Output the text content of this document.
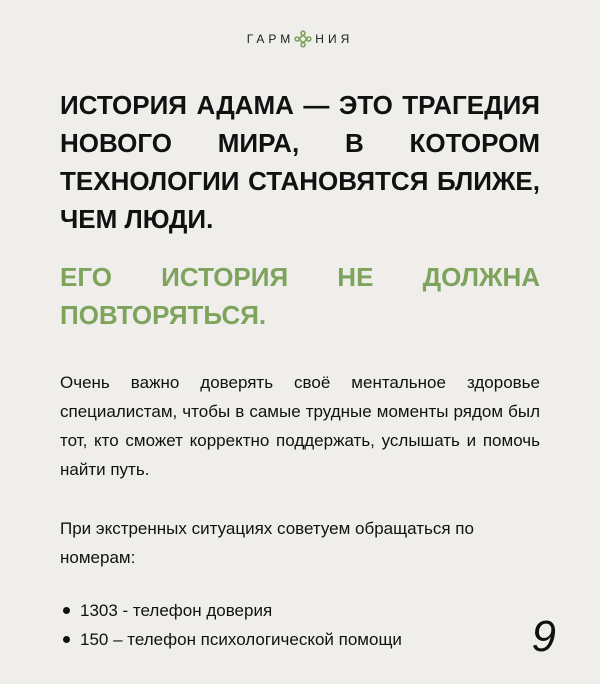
ГАРМ НИЯ
ИСТОРИЯ АДАМА — ЭТО ТРАГЕДИЯ НОВОГО МИРА, В КОТОРОМ ТЕХНОЛОГИИ СТАНОВЯТСЯ БЛИЖЕ, ЧЕМ ЛЮДИ.
ЕГО ИСТОРИЯ НЕ ДОЛЖНА ПОВТОРЯТЬСЯ.
Очень важно доверять своё ментальное здоровье специалистам, чтобы в самые трудные моменты рядом был тот, кто сможет корректно поддержать, услышать и помочь найти путь.
При экстренных ситуациях советуем обращаться по номерам:
1303 - телефон доверия
150 – телефон психологической помощи	9
